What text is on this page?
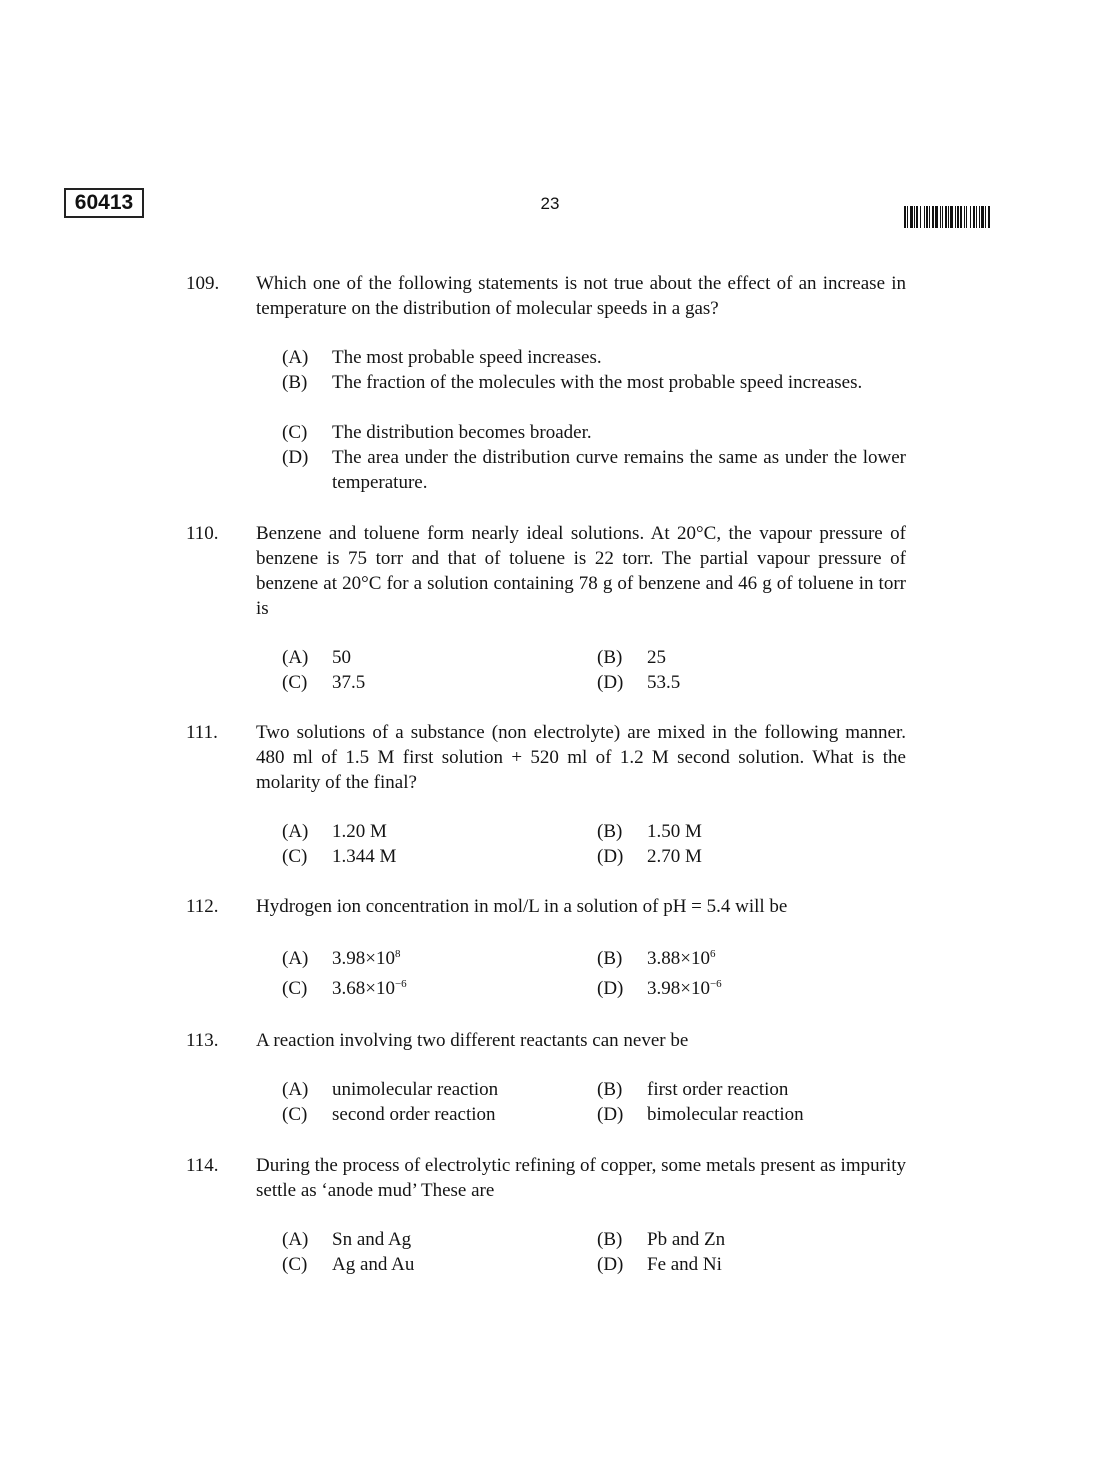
60413	23
109. Which one of the following statements is not true about the effect of an increase in temperature on the distribution of molecular speeds in a gas?
(A) The most probable speed increases.
(B) The fraction of the molecules with the most probable speed increases.
(C) The distribution becomes broader.
(D) The area under the distribution curve remains the same as under the lower temperature.
110. Benzene and toluene form nearly ideal solutions. At 20°C, the vapour pressure of benzene is 75 torr and that of toluene is 22 torr. The partial vapour pressure of benzene at 20°C for a solution containing 78 g of benzene and 46 g of toluene in torr is
(A) 50	(B) 25
(C) 37.5	(D) 53.5
111. Two solutions of a substance (non electrolyte) are mixed in the following manner. 480 ml of 1.5 M first solution + 520 ml of 1.2 M second solution. What is the molarity of the final?
(A) 1.20 M	(B) 1.50 M
(C) 1.344 M	(D) 2.70 M
112. Hydrogen ion concentration in mol/L in a solution of pH = 5.4 will be
(A) $3.98\times 10^8$	(B) $3.88\times 10^6$
(C) $3.68\times 10^{-6}$	(D) $3.98\times 10^{-6}$
113. A reaction involving two different reactants can never be
(A) unimolecular reaction	(B) first order reaction
(C) second order reaction	(D) bimolecular reaction
114. During the process of electrolytic refining of copper, some metals present as impurity settle as ‘anode mud’ These are
(A) Sn and Ag	(B) Pb and Zn
(C) Ag and Au	(D) Fe and Ni
